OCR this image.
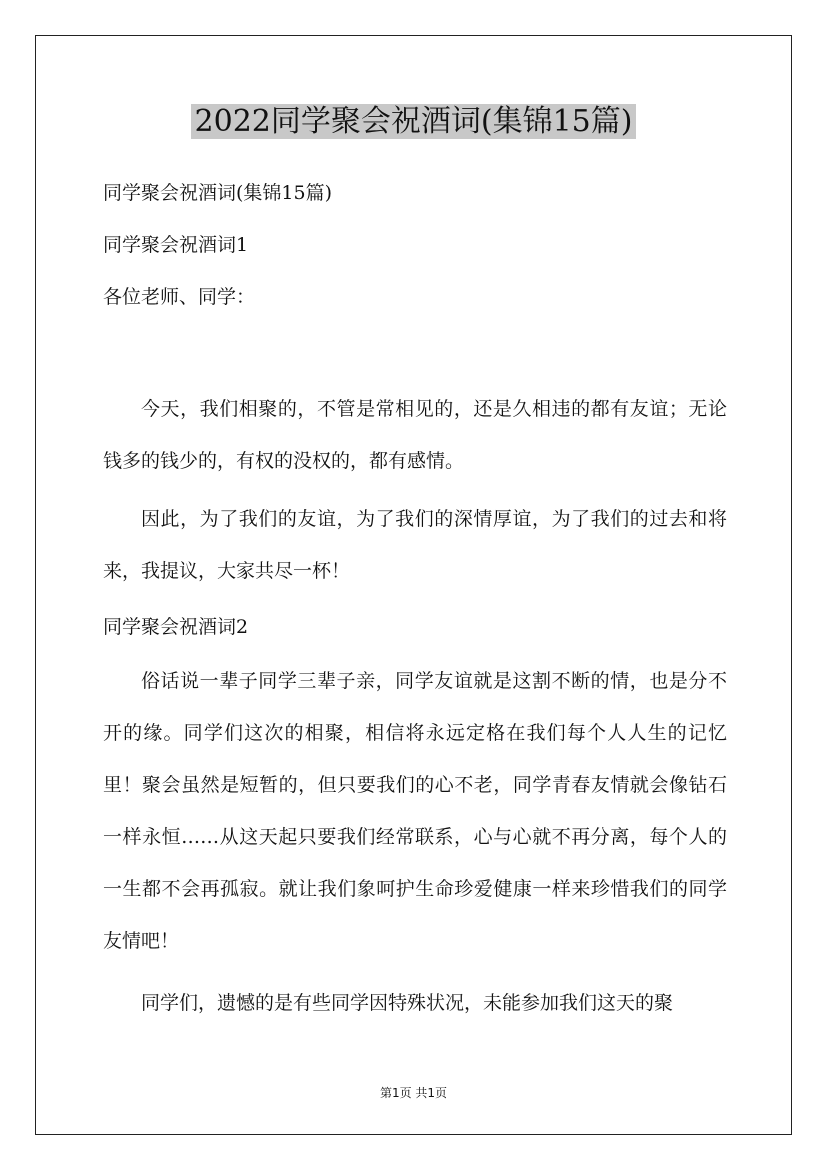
2022同学聚会祝酒词(集锦15篇)

同学聚会祝酒词(集锦15篇)

同学聚会祝酒词1

各位老师、同学：

今天，我们相聚的，不管是常相见的，还是久相违的都有友谊；无论钱多的钱少的，有权的没权的，都有感情。

因此，为了我们的友谊，为了我们的深情厚谊，为了我们的过去和将来，我提议，大家共尽一杯！

同学聚会祝酒词2

俗话说一辈子同学三辈子亲，同学友谊就是这割不断的情，也是分不开的缘。同学们这次的相聚，相信将永远定格在我们每个人人生的记忆里！聚会虽然是短暂的，但只要我们的心不老，同学青春友情就会像钻石一样永恒……从这天起只要我们经常联系，心与心就不再分离，每个人的一生都不会再孤寂。就让我们象呵护生命珍爱健康一样来珍惜我们的同学友情吧！

同学们，遗憾的是有些同学因特殊状况，未能参加我们这天的聚

第1页 共1页
